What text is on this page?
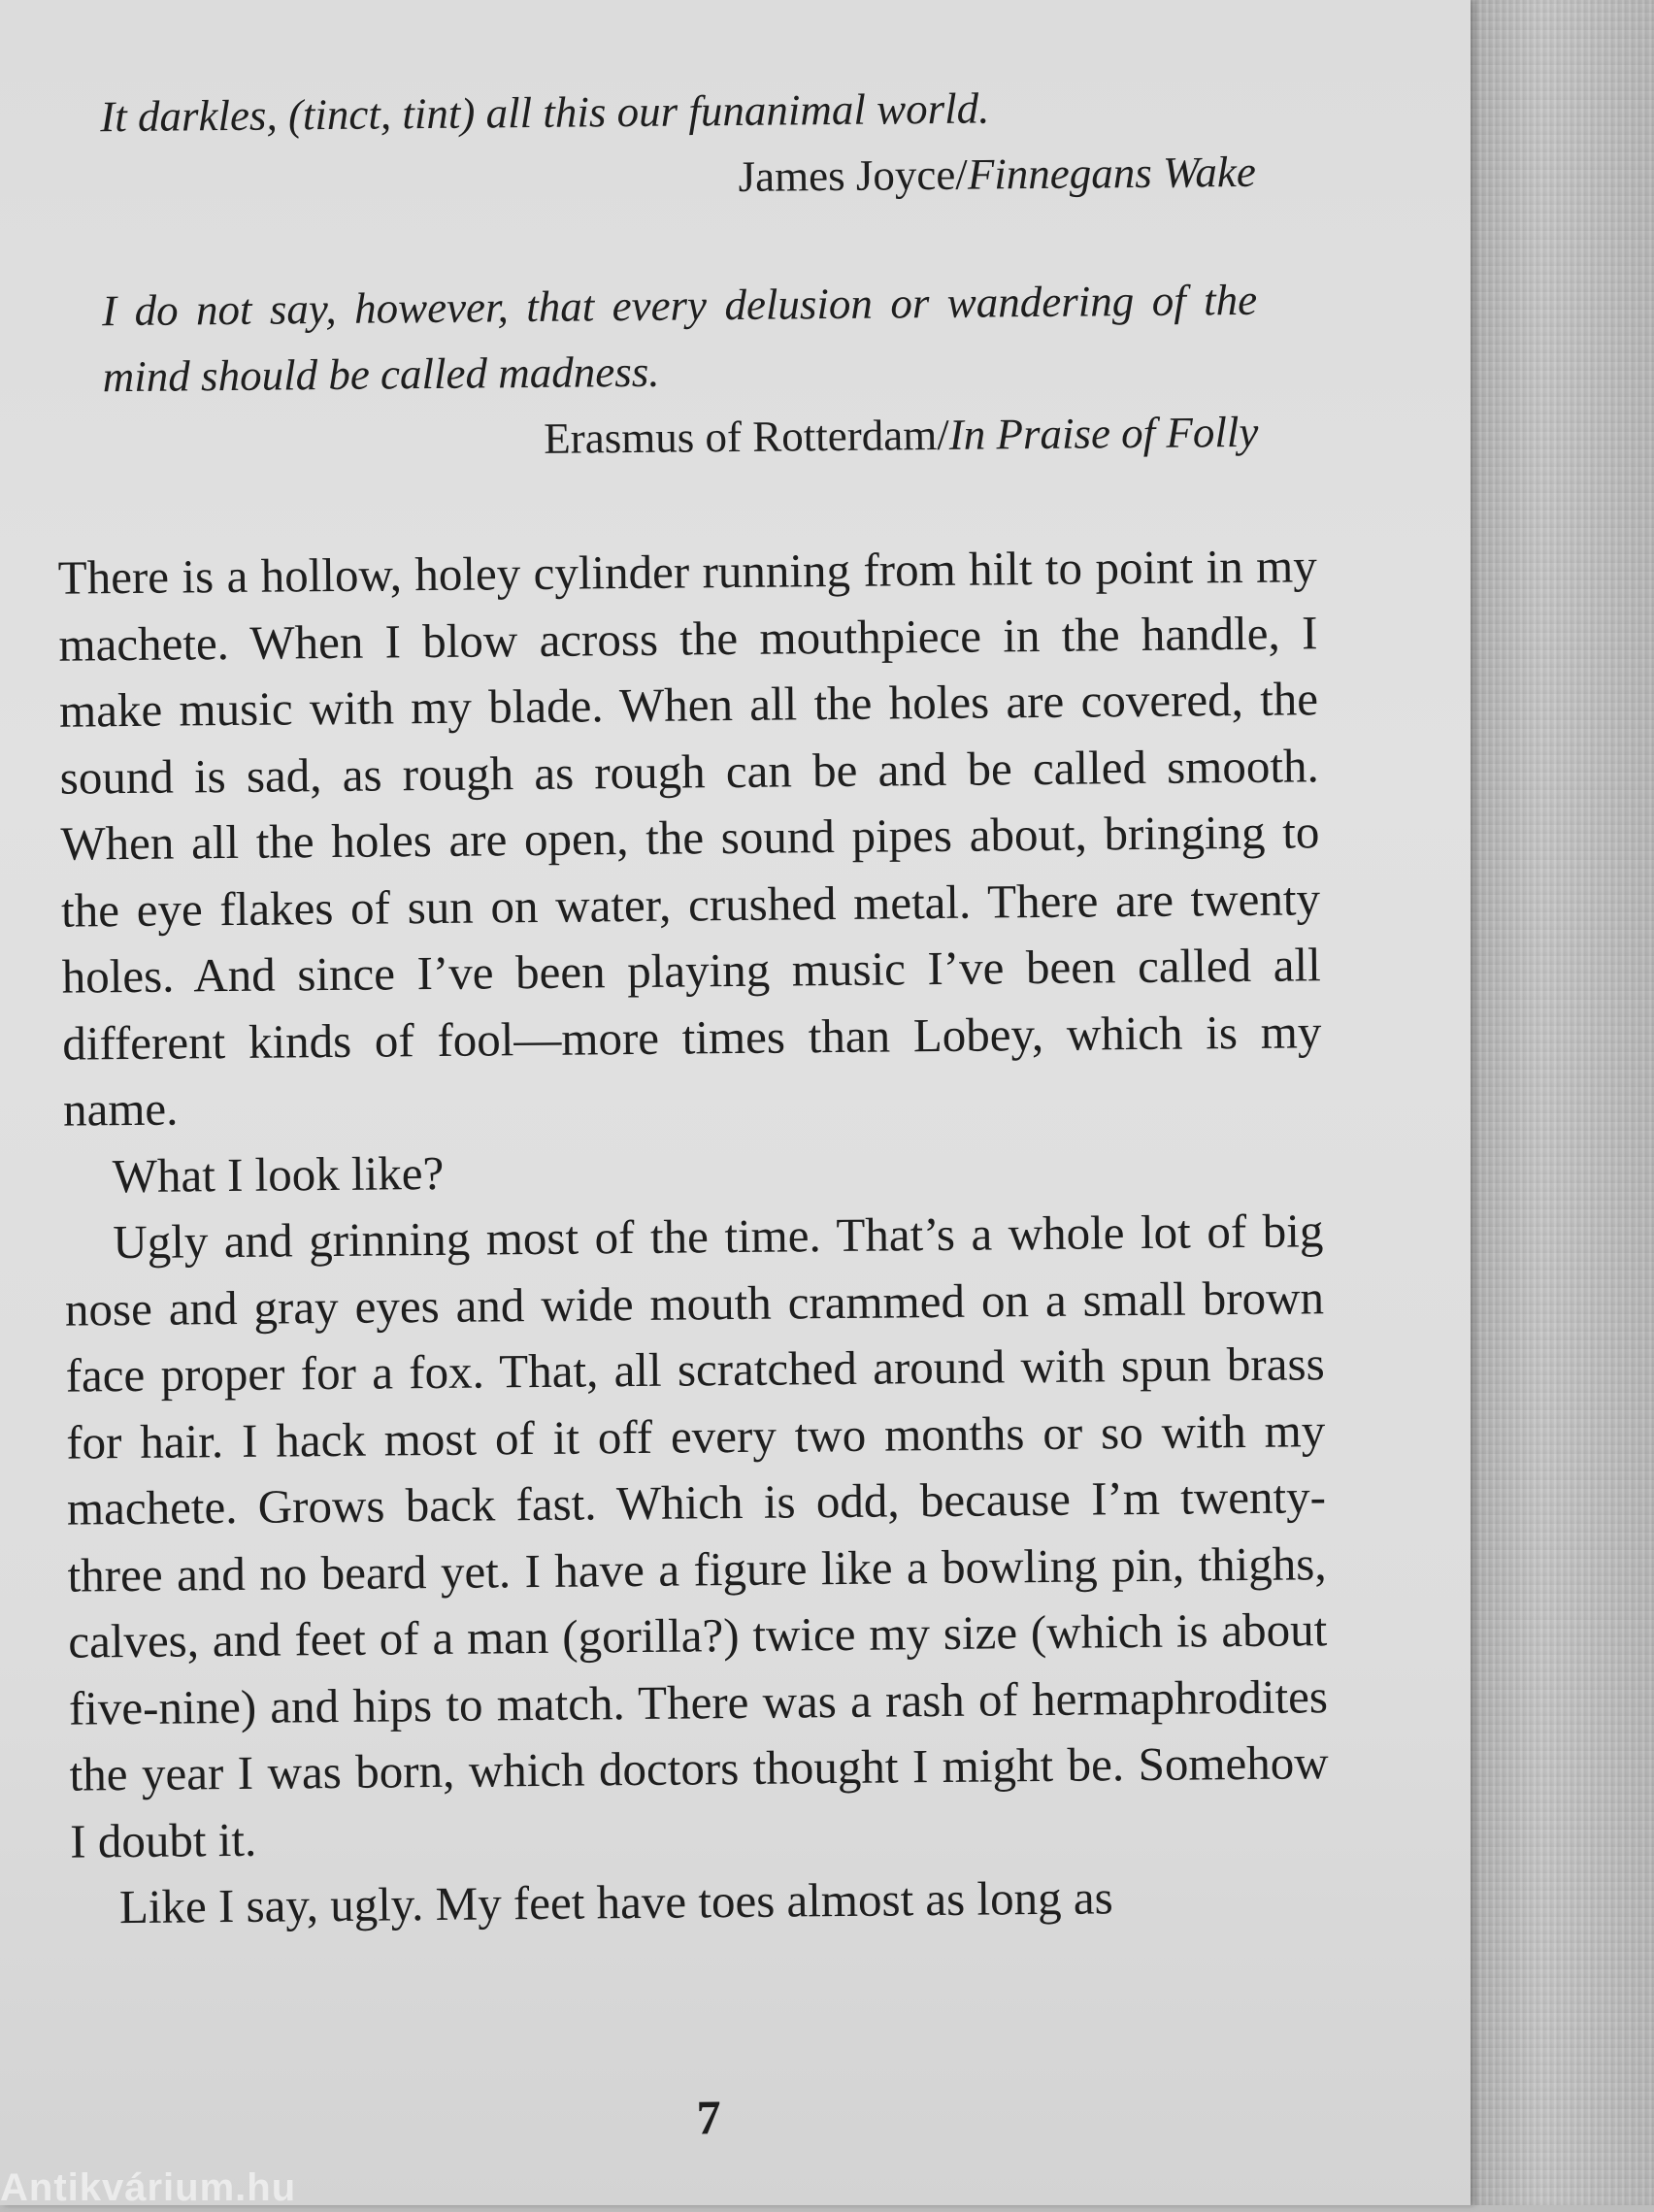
It darkles, (tinct, tint) all this our funanimal world.

James Joyce/Finnegans Wake

I do not say, however, that every delusion or wandering of the mind should be called madness.

Erasmus of Rotterdam/In Praise of Folly

There is a hollow, holey cylinder running from hilt to point in my machete. When I blow across the mouthpiece in the handle, I make music with my blade. When all the holes are covered, the sound is sad, as rough as rough can be and be called smooth. When all the holes are open, the sound pipes about, bringing to the eye flakes of sun on water, crushed metal. There are twenty holes. And since I’ve been playing music I’ve been called all different kinds of fool—more times than Lobey, which is my name.

What I look like?

Ugly and grinning most of the time. That’s a whole lot of big nose and gray eyes and wide mouth crammed on a small brown face proper for a fox. That, all scratched around with spun brass for hair. I hack most of it off every two months or so with my machete. Grows back fast. Which is odd, because I’m twenty-three and no beard yet. I have a figure like a bowling pin, thighs, calves, and feet of a man (gorilla?) twice my size (which is about five-nine) and hips to match. There was a rash of hermaphrodites the year I was born, which doctors thought I might be. Somehow I doubt it.

Like I say, ugly. My feet have toes almost as long as

7
Antikvárium.hu
